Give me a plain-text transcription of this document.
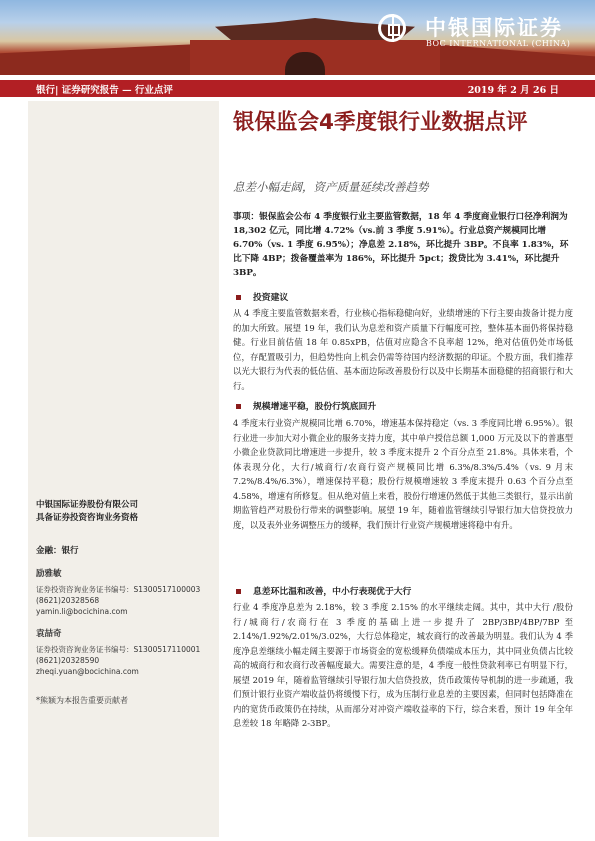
中银国际证券
BOC INTERNATIONAL (CHINA)
银行| 证券研究报告 — 行业点评	2019 年 2 月 26 日
中银国际证券股份有限公司
具备证券投资咨询业务资格
金融：银行
励雅敏
证券投资咨询业务证书编号：S1300517100003
(8621)20328568
yamin.li@bocichina.com
袁喆奇
证券投资咨询业务证书编号：S1300517110001
(8621)20328590
zheqi.yuan@bocichina.com
*熊颖为本报告重要贡献者
银保监会4季度银行业数据点评
息差小幅走阔，资产质量延续改善趋势
事项：银保监会公布 4 季度银行业主要监管数据，18 年 4 季度商业银行口径净利润为 18,302 亿元，同比增 4.72%（vs.前 3 季度 5.91%）。行业总资产规模同比增 6.70%（vs. 1 季度 6.95%）；净息差 2.18%，环比提升 3BP。不良率 1.83%，环比下降 4BP；拨备覆盖率为 186%，环比提升 5pct；拨贷比为 3.41%，环比提升 3BP。
投资建议
从 4 季度主要监管数据来看，行业核心指标稳健向好，业绩增速的下行主要由拨备计提力度的加大所致。展望 19 年，我们认为息差和资产质量下行幅度可控，整体基本面仍将保持稳健。行业目前估值 18 年 0.85xPB，估值对应隐含不良率超 12%，绝对估值仍处市场低位，存配置吸引力，但趋势性向上机会仍需等待国内经济数据的印证。个股方面，我们推荐以光大银行为代表的低估值、基本面边际改善股份行以及中长期基本面稳健的招商银行和大行。
规模增速平稳，股份行筑底回升
4 季度末行业资产规模同比增 6.70%，增速基本保持稳定（vs. 3 季度同比增 6.95%）。银行业进一步加大对小微企业的服务支持力度，其中单户授信总额 1,000 万元及以下的普惠型小微企业贷款同比增速进一步提升，较 3 季度末提升 2 个百分点至 21.8%。具体来看，个体表现分化，大行/城商行/农商行资产规模同比增 6.3%/8.3%/5.4%（vs. 9 月末 7.2%/8.4%/6.3%），增速保持平稳；股份行规模增速较 3 季度末提升 0.63 个百分点至 4.58%，增速有所修复。但从绝对值上来看，股份行增速仍然低于其他三类银行，显示出前期监管趋严对股份行带来的调整影响。展望 19 年，随着监管继续引导银行加大信贷投放力度，以及表外业务调整压力的缓释，我们预计行业资产规模增速将稳中有升。
息差环比温和改善，中小行表现优于大行
行业 4 季度净息差为 2.18%，较 3 季度 2.15% 的水平继续走阔。其中，其中大行 /股份行/城商行/农商行在 3 季度的基础上进一步提升了 2BP/3BP/4BP/7BP 至 2.14%/1.92%/2.01%/3.02%，大行总体稳定，城农商行的改善最为明显。我们认为 4 季度净息差继续小幅走阔主要源于市场资金的宽松缓释负债端成本压力，其中同业负债占比较高的城商行和农商行改善幅度最大。需要注意的是，4 季度一般性贷款利率已有明显下行，展望 2019 年，随着监管继续引导银行加大信贷投放，货币政策传导机制的进一步疏通，我们预计银行业资产端收益仍将缓慢下行，成为压制行业息差的主要因素，但同时包括降准在内的宽货币政策仍在持续，从而部分对冲资产端收益率的下行，综合来看，预计 19 年全年息差较 18 年略降 2-3BP。
